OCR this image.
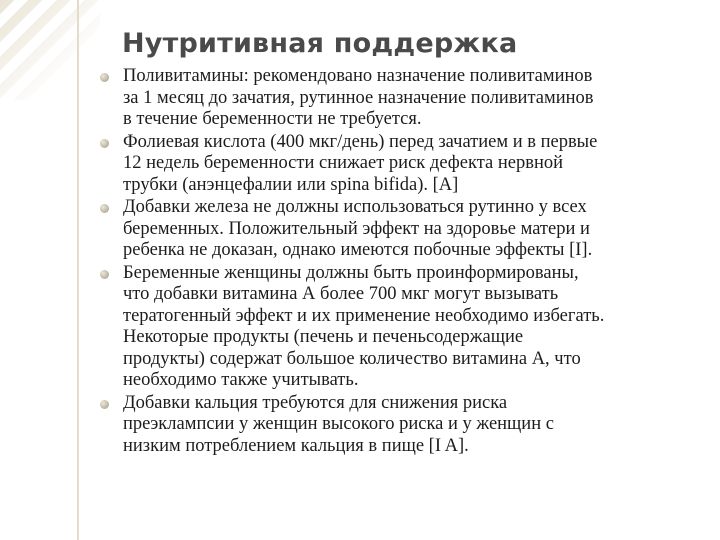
Нутритивная поддержка
Поливитамины: рекомендовано назначение поливитаминов
за 1 месяц до зачатия, рутинное назначение поливитаминов
в течение беременности не требуется.
Фолиевая кислота (400 мкг/день) перед зачатием и в первые
12 недель беременности снижает риск дефекта нервной
трубки (анэнцефалии или spina bifida). [A]
Добавки железа не должны использоваться рутинно у всех
беременных. Положительный эффект на здоровье матери и
ребенка не доказан, однако имеются побочные эффекты [I].
Беременные женщины должны быть проинформированы,
что добавки витамина А более 700 мкг могут вызывать
тератогенный эффект и их применение необходимо избегать.
Некоторые продукты (печень и печеньсодержащие
продукты) содержат большое количество витамина А, что
необходимо также учитывать.
Добавки кальция требуются для снижения риска
преэклампсии у женщин высокого риска и у женщин с
низким потреблением кальция в пище [I A].
